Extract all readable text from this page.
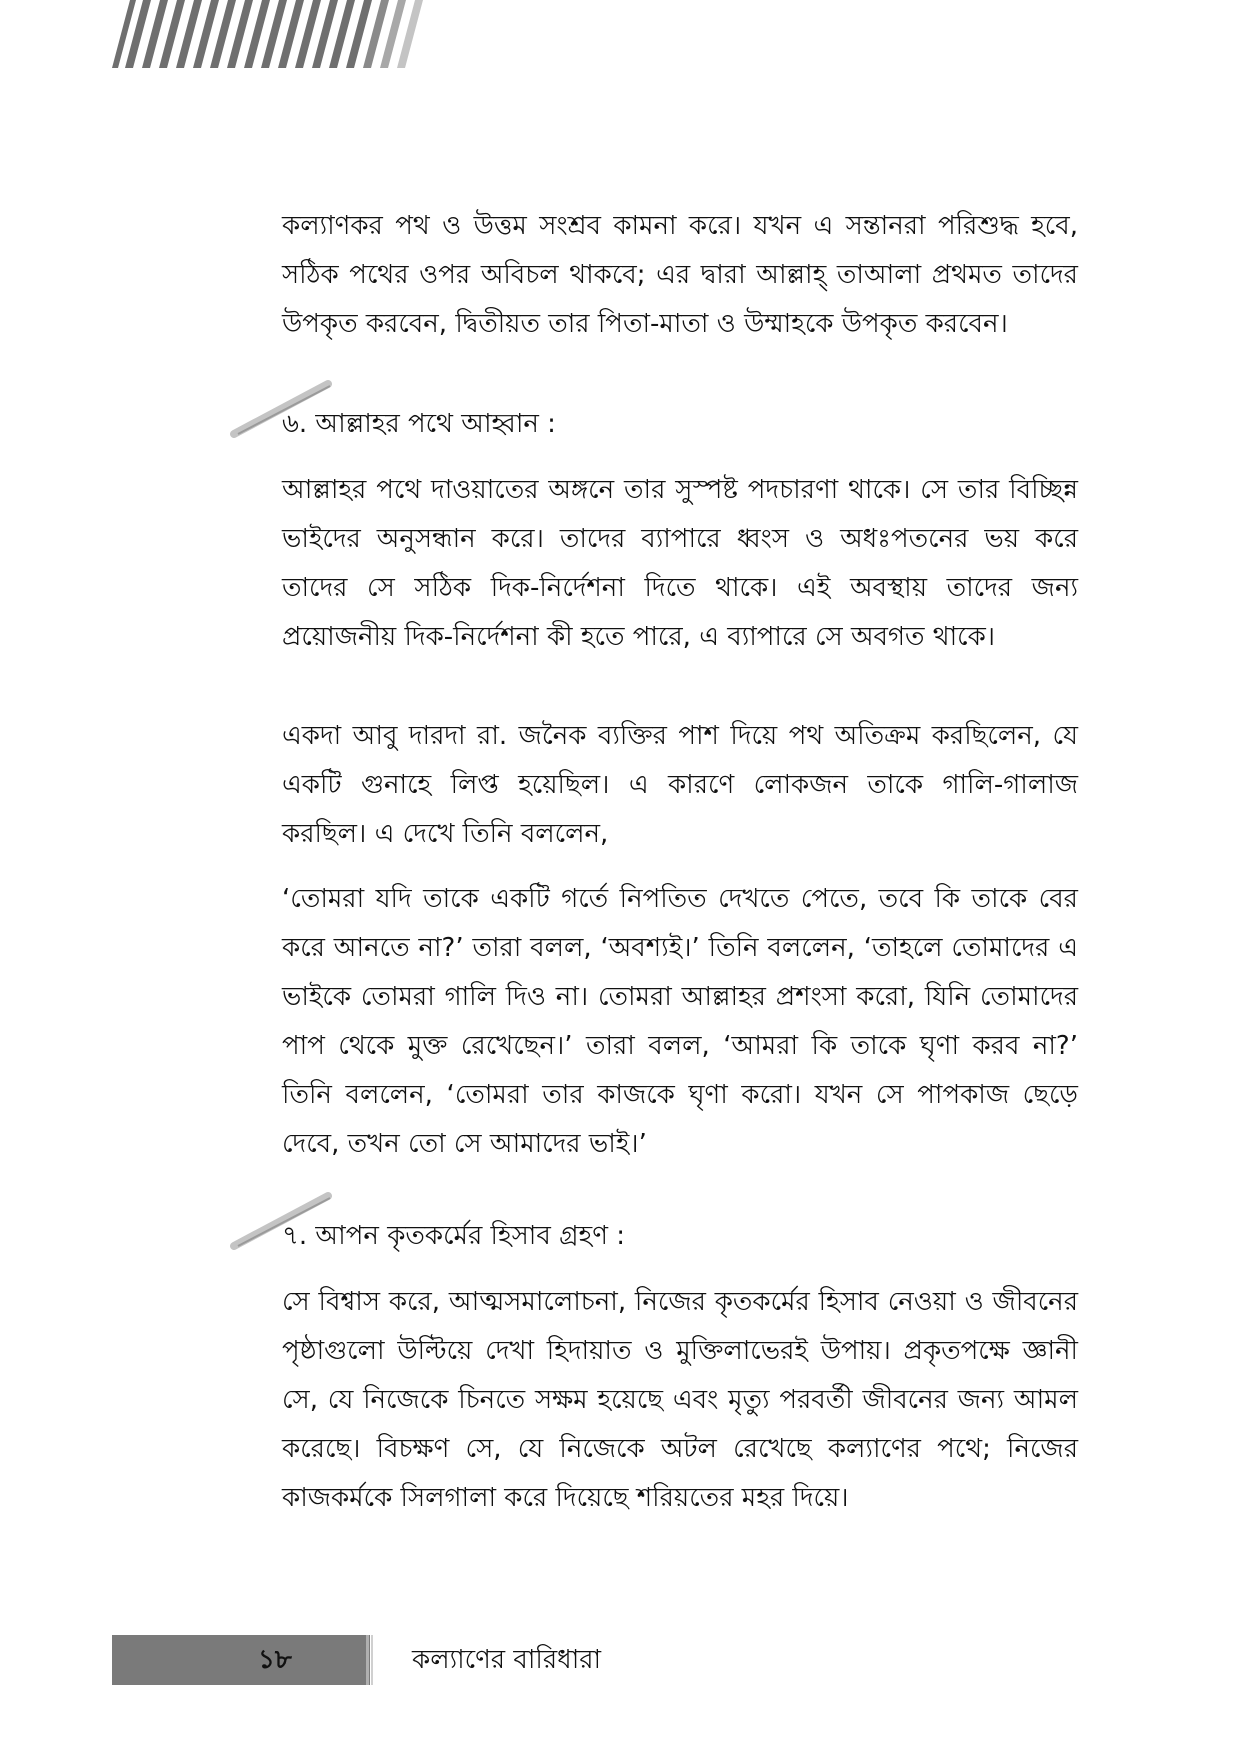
কল্যাণকর পথ ও উত্তম সংশ্রব কামনা করে। যখন এ সন্তানরা পরিশুদ্ধ হবে, সঠিক পথের ওপর অবিচল থাকবে; এর দ্বারা আল্লাহ্‌ তাআলা প্রথমত তাদের উপকৃত করবেন, দ্বিতীয়ত তার পিতা-মাতা ও উম্মাহকে উপকৃত করবেন।

৬. আল্লাহর পথে আহ্বান :

আল্লাহর পথে দাওয়াতের অঙ্গনে তার সুস্পষ্ট পদচারণা থাকে। সে তার বিচ্ছিন্ন ভাইদের অনুসন্ধান করে। তাদের ব্যাপারে ধ্বংস ও অধঃপতনের ভয় করে তাদের সে সঠিক দিক-নির্দেশনা দিতে থাকে। এই অবস্থায় তাদের জন্য প্রয়োজনীয় দিক-নির্দেশনা কী হতে পারে, এ ব্যাপারে সে অবগত থাকে।

একদা আবু দারদা রা. জনৈক ব্যক্তির পাশ দিয়ে পথ অতিক্রম করছিলেন, যে একটি গুনাহে লিপ্ত হয়েছিল। এ কারণে লোকজন তাকে গালি-গালাজ করছিল। এ দেখে তিনি বললেন,

‘তোমরা যদি তাকে একটি গর্তে নিপতিত দেখতে পেতে, তবে কি তাকে বের করে আনতে না?’ তারা বলল, ‘অবশ্যই।’ তিনি বললেন, ‘তাহলে তোমাদের এ ভাইকে তোমরা গালি দিও না। তোমরা আল্লাহর প্রশংসা করো, যিনি তোমাদের পাপ থেকে মুক্ত রেখেছেন।’ তারা বলল, ‘আমরা কি তাকে ঘৃণা করব না?’ তিনি বললেন, ‘তোমরা তার কাজকে ঘৃণা করো। যখন সে পাপকাজ ছেড়ে দেবে, তখন তো সে আমাদের ভাই।’

৭. আপন কৃতকর্মের হিসাব গ্রহণ :

সে বিশ্বাস করে, আত্মসমালোচনা, নিজের কৃতকর্মের হিসাব নেওয়া ও জীবনের পৃষ্ঠাগুলো উল্টিয়ে দেখা হিদায়াত ও মুক্তিলাভেরই উপায়। প্রকৃতপক্ষে জ্ঞানী সে, যে নিজেকে চিনতে সক্ষম হয়েছে এবং মৃত্যু পরবর্তী জীবনের জন্য আমল করেছে। বিচক্ষণ সে, যে নিজেকে অটল রেখেছে কল্যাণের পথে; নিজের কাজকর্মকে সিলগালা করে দিয়েছে শরিয়তের মহর দিয়ে।

১৮	কল্যাণের বারিধারা
